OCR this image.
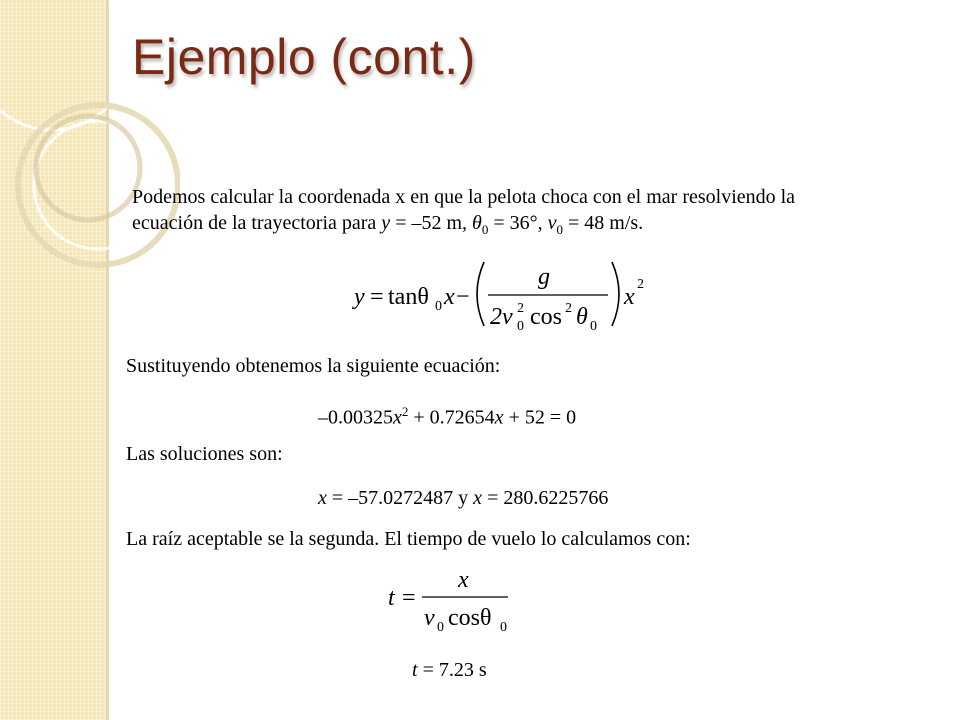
Ejemplo (cont.)
Podemos calcular la coordenada x en que la pelota choca con el mar resolviendo la
ecuación de la trayectoria para y = –52 m, $\theta_0 = 36^\circ$, $v_0 = 48$ m/s.
y = tanθ 0 x −
g
2v 0
2 cos 2 θ 0
x 2
Sustituyendo obtenemos la siguiente ecuación:
$-0.00325x^2 + 0.72654x + 52 = 0$
Las soluciones son:
x = –57.0272487 y x = 280.6225766
La raíz aceptable se la segunda. El tiempo de vuelo lo calculamos con:
t =
x
v 0 cosθ 0
t = 7.23 s
